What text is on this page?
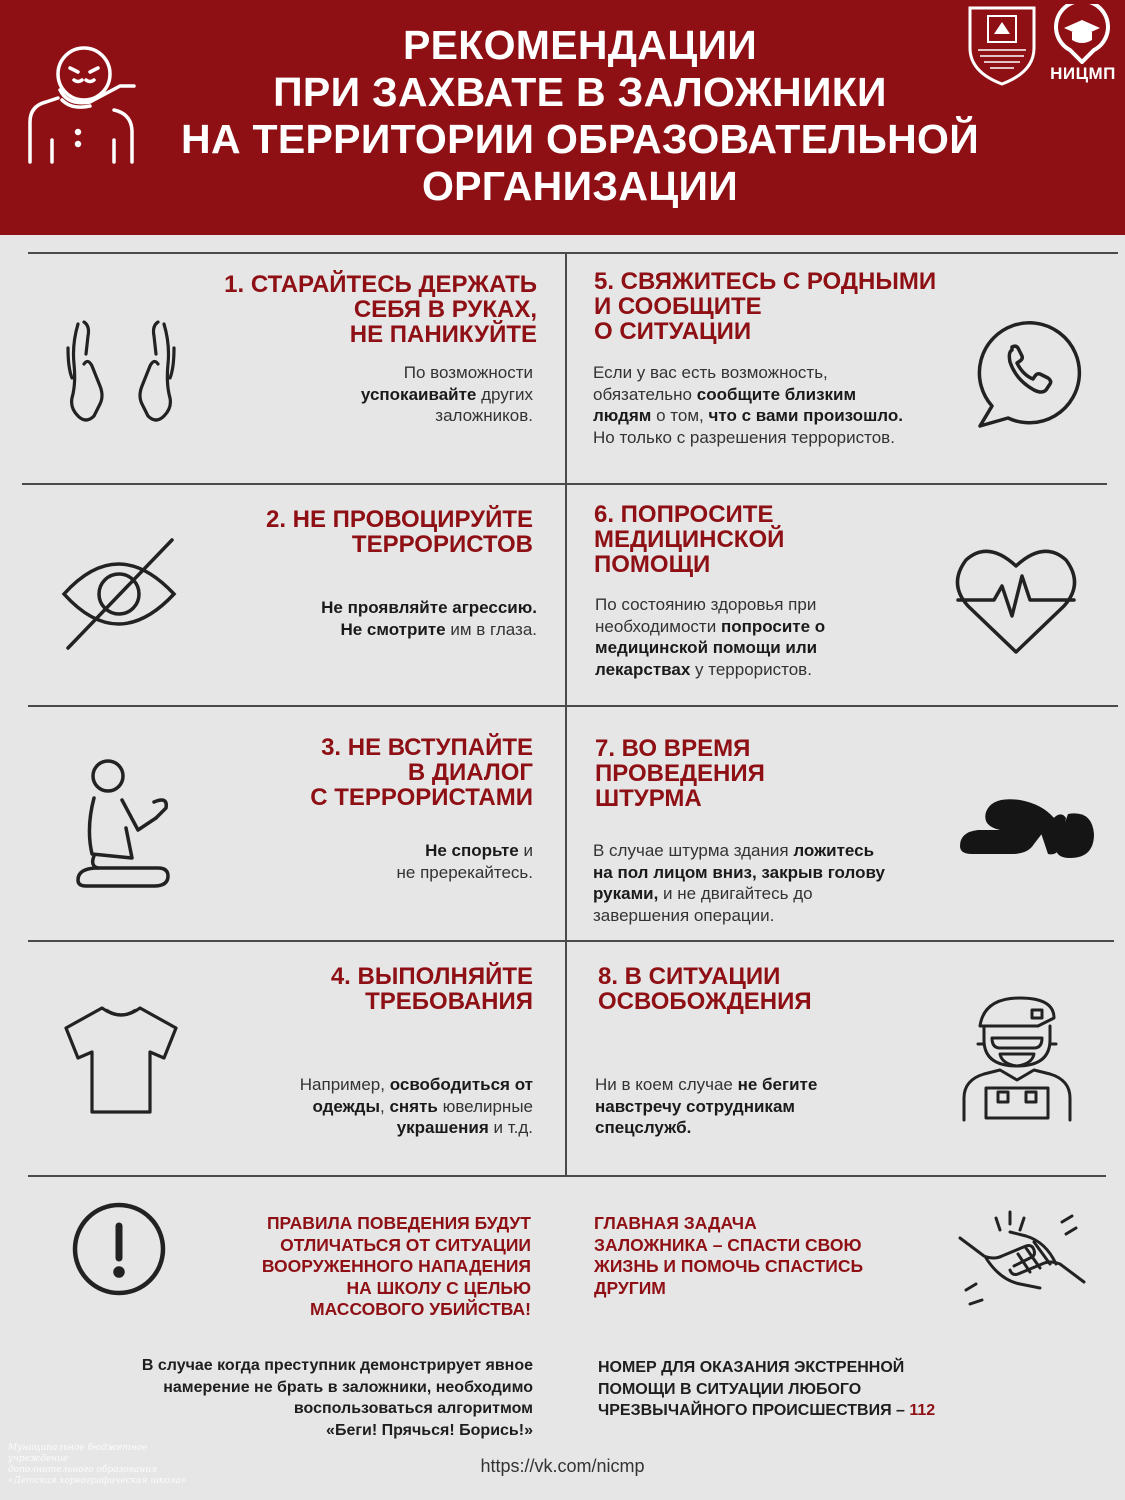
РЕКОМЕНДАЦИИ
ПРИ ЗАХВАТЕ В ЗАЛОЖНИКИ
НА ТЕРРИТОРИИ ОБРАЗОВАТЕЛЬНОЙ
ОРГАНИЗАЦИИ
НИЦМП
1. СТАРАЙТЕСЬ ДЕРЖАТЬ
СЕБЯ В РУКАХ,
НЕ ПАНИКУЙТЕ
По возможности
успокаивайте других
заложников.
2. НЕ ПРОВОЦИРУЙТЕ
ТЕРРОРИСТОВ
Не проявляйте агрессию.
Не смотрите им в глаза.
3. НЕ ВСТУПАЙТЕ
В ДИАЛОГ
С ТЕРРОРИСТАМИ
Не спорьте и
не пререкайтесь.
4. ВЫПОЛНЯЙТЕ
ТРЕБОВАНИЯ
Например, освободиться от
одежды, снять ювелирные
украшения и т.д.
5. СВЯЖИТЕСЬ С РОДНЫМИ
И СООБЩИТЕ
О СИТУАЦИИ
Если у вас есть возможность,
обязательно сообщите близким
людям о том, что с вами произошло.
Но только с разрешения террористов.
6. ПОПРОСИТЕ
МЕДИЦИНСКОЙ
ПОМОЩИ
По состоянию здоровья при
необходимости попросите о
медицинской помощи или
лекарствах у террористов.
7. ВО ВРЕМЯ
ПРОВЕДЕНИЯ
ШТУРМА
В случае штурма здания ложитесь
на пол лицом вниз, закрыв голову
руками, и не двигайтесь до
завершения операции.
8. В СИТУАЦИИ
ОСВОБОЖДЕНИЯ
Ни в коем случае не бегите
навстречу сотрудникам
спецслужб.
ПРАВИЛА ПОВЕДЕНИЯ БУДУТ
ОТЛИЧАТЬСЯ ОТ СИТУАЦИИ
ВООРУЖЕННОГО НАПАДЕНИЯ
НА ШКОЛУ С ЦЕЛЬЮ
МАССОВОГО УБИЙСТВА!
ГЛАВНАЯ ЗАДАЧА
ЗАЛОЖНИКА – СПАСТИ СВОЮ
ЖИЗНЬ И ПОМОЧЬ СПАСТИСЬ
ДРУГИМ
В случае когда преступник демонстрирует явное
намерение не брать в заложники, необходимо
воспользоваться алгоритмом
«Беги! Прячься! Борись!»
НОМЕР ДЛЯ ОКАЗАНИЯ ЭКСТРЕННОЙ
ПОМОЩИ В СИТУАЦИИ ЛЮБОГО
ЧРЕЗВЫЧАЙНОГО ПРОИСШЕСТВИЯ – 112
Муниципальное бюджетное учреждение
дополнительного образования
«Детская хореографическая школа»
https://vk.com/nicmp
